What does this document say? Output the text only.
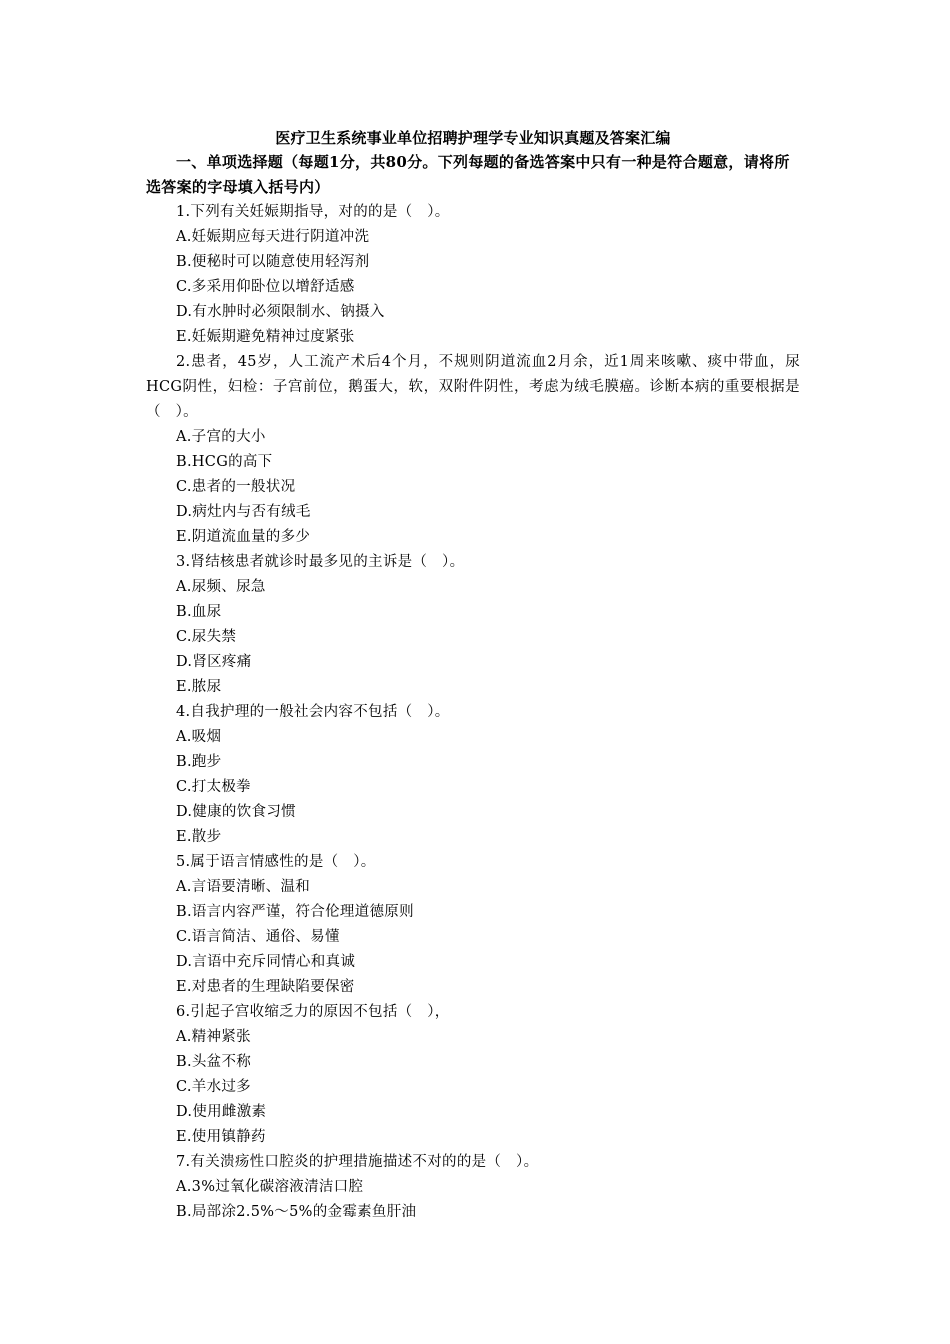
医疗卫生系统事业单位招聘护理学专业知识真题及答案汇编
一、单项选择题（每题1分，共80分。下列每题的备选答案中只有一种是符合题意，请将所选答案的字母填入括号内）
1.下列有关妊娠期指导，对的的是（　）。
A.妊娠期应每天进行阴道冲洗
B.便秘时可以随意使用轻泻剂
C.多采用仰卧位以增舒适感
D.有水肿时必须限制水、钠摄入
E.妊娠期避免精神过度紧张
2.患者，45岁，人工流产术后4个月，不规则阴道流血2月余，近1周来咳嗽、痰中带血，尿HCG阴性，妇检：子宫前位，鹅蛋大，软，双附件阴性，考虑为绒毛膜癌。诊断本病的重要根据是（　）。
A.子宫的大小
B.HCG的高下
C.患者的一般状况
D.病灶内与否有绒毛
E.阴道流血量的多少
3.肾结核患者就诊时最多见的主诉是（　）。
A.尿频、尿急
B.血尿
C.尿失禁
D.肾区疼痛
E.脓尿
4.自我护理的一般社会内容不包括（　）。
A.吸烟
B.跑步
C.打太极拳
D.健康的饮食习惯
E.散步
5.属于语言情感性的是（　）。
A.言语要清晰、温和
B.语言内容严谨，符合伦理道德原则
C.语言简洁、通俗、易懂
D.言语中充斥同情心和真诚
E.对患者的生理缺陷要保密
6.引起子宫收缩乏力的原因不包括（　），
A.精神紧张
B.头盆不称
C.羊水过多
D.使用雌激素
E.使用镇静药
7.有关溃疡性口腔炎的护理措施描述不对的的是（　）。
A.3%过氧化碳溶液清洁口腔
B.局部涂2.5%～5%的金霉素鱼肝油
